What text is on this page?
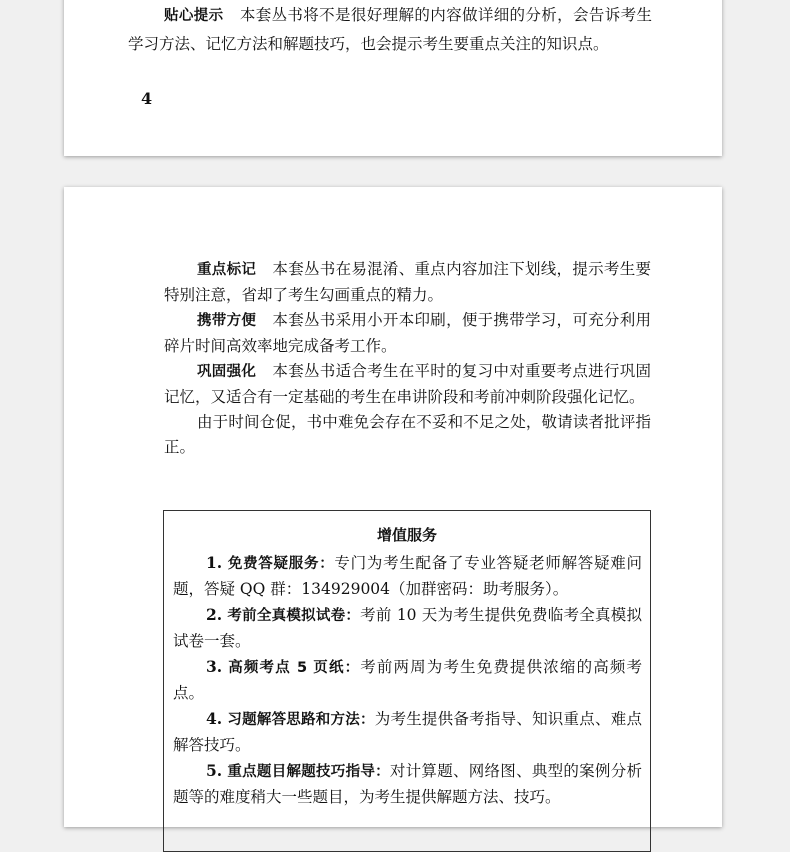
贴心提示 本套丛书将不是很好理解的内容做详细的分析，会告诉考生学习方法、记忆方法和解题技巧，也会提示考生要重点关注的知识点。

4

重点标记 本套丛书在易混淆、重点内容加注下划线，提示考生要特别注意，省却了考生勾画重点的精力。

携带方便 本套丛书采用小开本印刷，便于携带学习，可充分利用碎片时间高效率地完成备考工作。

巩固强化 本套丛书适合考生在平时的复习中对重要考点进行巩固记忆，又适合有一定基础的考生在串讲阶段和考前冲刺阶段强化记忆。

由于时间仓促，书中难免会存在不妥和不足之处，敬请读者批评指正。

增值服务

1. 免费答疑服务：专门为考生配备了专业答疑老师解答疑难问题，答疑 QQ 群：134929004（加群密码：助考服务）。

2. 考前全真模拟试卷：考前 10 天为考生提供免费临考全真模拟试卷一套。

3. 高频考点 5 页纸：考前两周为考生免费提供浓缩的高频考点。

4. 习题解答思路和方法：为考生提供备考指导、知识重点、难点解答技巧。

5. 重点题目解题技巧指导：对计算题、网络图、典型的案例分析题等的难度稍大一些题目，为考生提供解题方法、技巧。
